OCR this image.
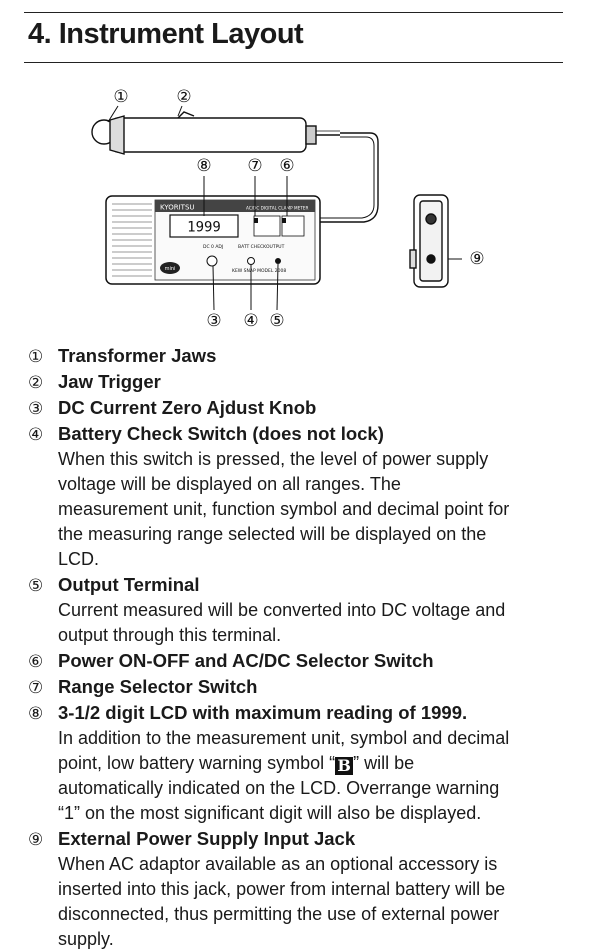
4. Instrument Layout
①	②
⑧ ⑦ ⑥
③ ④ ⑤
⑨
KYORITSU	AC/DC DIGITAL CLAMP METER
1999
DC 0 ADJ	BATT CHECK OUTPUT
KEW SNAP MODEL 2008
mini
① Transformer Jaws
② Jaw Trigger
③ DC Current Zero Ajdust Knob
④ Battery Check Switch (does not lock)
When this switch is pressed, the level of power supply
voltage will be displayed on all ranges. The
measurement unit, function symbol and decimal point for
the measuring range selected will be displayed on the
LCD.
⑤ Output Terminal
Current measured will be converted into DC voltage and
output through this terminal.
⑥ Power ON-OFF and AC/DC Selector Switch
⑦ Range Selector Switch
⑧ 3-1/2 digit LCD with maximum reading of 1999.
In addition to the measurement unit, symbol and decimal
point, low battery warning symbol “ B ” will be
automatically indicated on the LCD. Overrange warning
“1” on the most significant digit will also be displayed.
⑨ External Power Supply Input Jack
When AC adaptor available as an optional accessory is
inserted into this jack, power from internal battery will be
disconnected, thus permitting the use of external power
supply.
